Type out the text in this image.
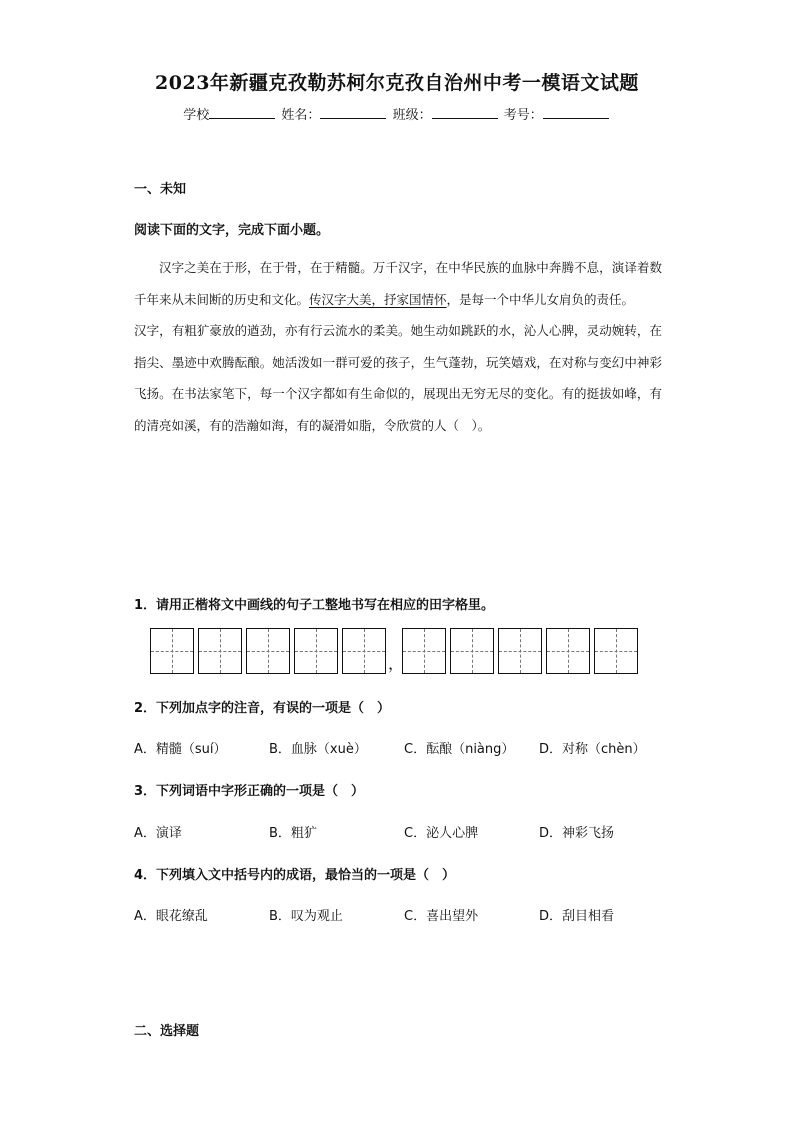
2023年新疆克孜勒苏柯尔克孜自治州中考一模语文试题
学校	姓名：	班级：	考号：
一、未知
阅读下面的文字，完成下面小题。

汉字之美在于形，在于骨，在于精髓。万千汉字，在中华民族的血脉中奔腾不息，演译着数千年来从未间断的历史和文化。传汉字大美，抒家国情怀，是每一个中华儿女肩负的责任。

汉字，有粗犷豪放的遒劲，亦有行云流水的柔美。她生动如跳跃的水，沁人心脾，灵动婉转，在指尖、墨迹中欢腾酝酿。她活泼如一群可爱的孩子，生气蓬勃，玩笑嬉戏，在对称与变幻中神彩飞扬。在书法家笔下，每一个汉字都如有生命似的，展现出无穷无尽的变化。有的挺拔如峰，有的清亮如溪，有的浩瀚如海，有的凝滑如脂，令欣赏的人（　）。

1．请用正楷将文中画线的句子工整地书写在相应的田字格里。
，
2．下列加点字的注音，有误的一项是（　）
A．精髓（suí）	B．血脉（xuè）	C．酝酿（niàng）	D．对称（chèn）
3．下列词语中字形正确的一项是（　）
A．演译	B．粗犷	C．泌人心脾	D．神彩飞扬
4．下列填入文中括号内的成语，最恰当的一项是（　）
A．眼花缭乱	B．叹为观止	C．喜出望外	D．刮目相看
二、选择题
